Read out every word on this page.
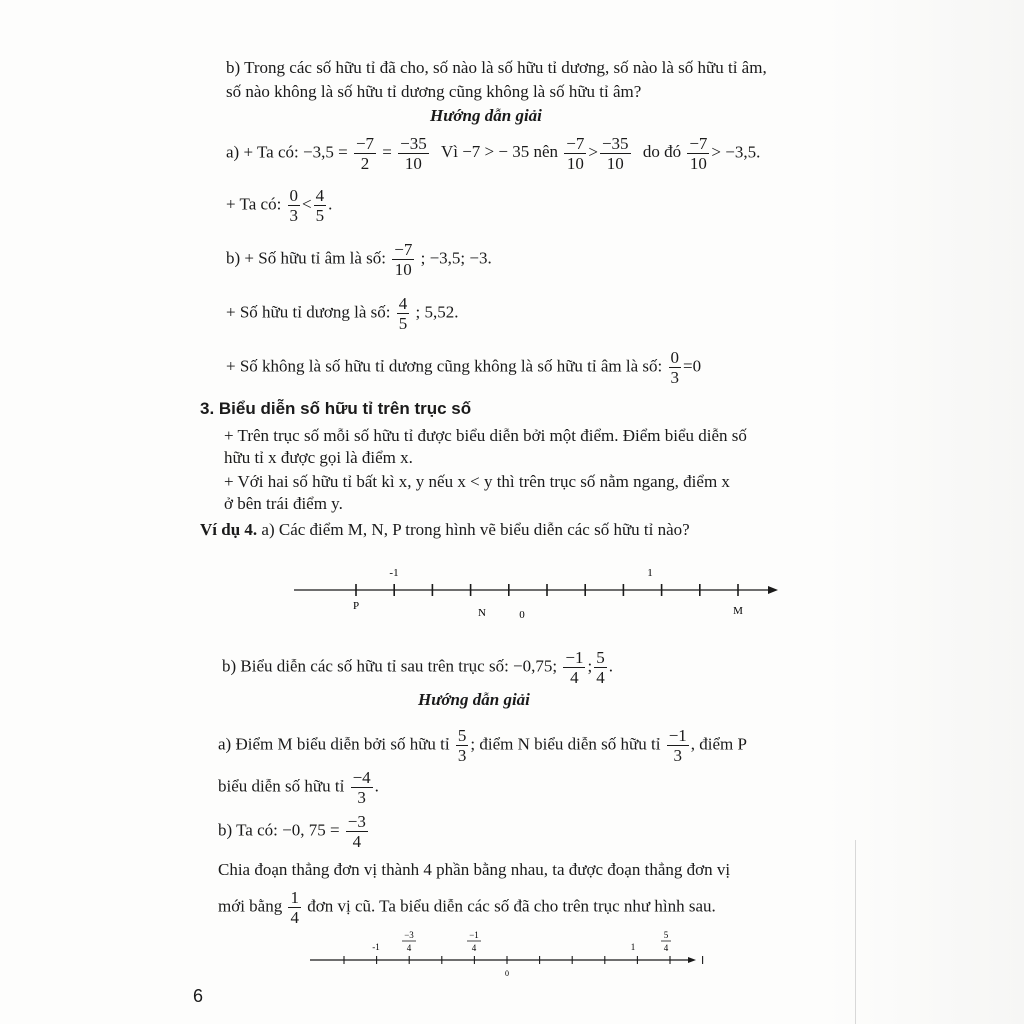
b) Trong các số hữu tỉ đã cho, số nào là số hữu tỉ dương, số nào là số hữu tỉ âm,
số nào không là số hữu tỉ dương cũng không là số hữu tỉ âm?
Hướng dẫn giải
a) + Ta có: $-3,5 = \frac{-7}{2} = \frac{-35}{10}$ Vì −7 > − 35 nên $\frac{-7}{10} > \frac{-35}{10}$ do đó $\frac{-7}{10} > -3,5$.
+ Ta có: $\frac{0}{3} < \frac{4}{5}$ .
b) + Số hữu tỉ âm là số: $\frac{-7}{10}$ ; −3,5; −3.
+ Số hữu tỉ dương là số: $\frac{4}{5}$ ; 5,52.
+ Số không là số hữu tỉ dương cũng không là số hữu tỉ âm là số: $\frac{0}{3} =0$
3. Biểu diễn số hữu tỉ trên trục số
+ Trên trục số mỗi số hữu tỉ được biểu diễn bởi một điểm. Điểm biểu diễn số
hữu tỉ x được gọi là điểm x.
+ Với hai số hữu tỉ bất kì x, y nếu x < y thì trên trục số nằm ngang, điểm x
ở bên trái điểm y.
Ví dụ 4. a) Các điểm M, N, P trong hình vẽ biểu diễn các số hữu tỉ nào?
-1	1
P
N	0	M
b) Biểu diễn các số hữu tỉ sau trên trục số: −0,75; $\frac{-1}{4}$ ; $\frac{5}{4}$ .
Hướng dẫn giải
a) Điểm M biểu diễn bởi số hữu tỉ $\frac{5}{3}$ ; điểm N biểu diễn số hữu tỉ $\frac{-1}{3}$ , điểm P
biểu diễn số hữu tỉ $\frac{-4}{3}$ .
b) Ta có: −0, $75 = \frac{-3}{4}$
Chia đoạn thẳng đơn vị thành 4 phần bằng nhau, ta được đoạn thẳng đơn vị
mới bằng $\frac{1}{4}$ đơn vị cũ. Ta biểu diễn các số đã cho trên trục như hình sau.
-1
−3
4
−1
4
0
1
5
4
6
